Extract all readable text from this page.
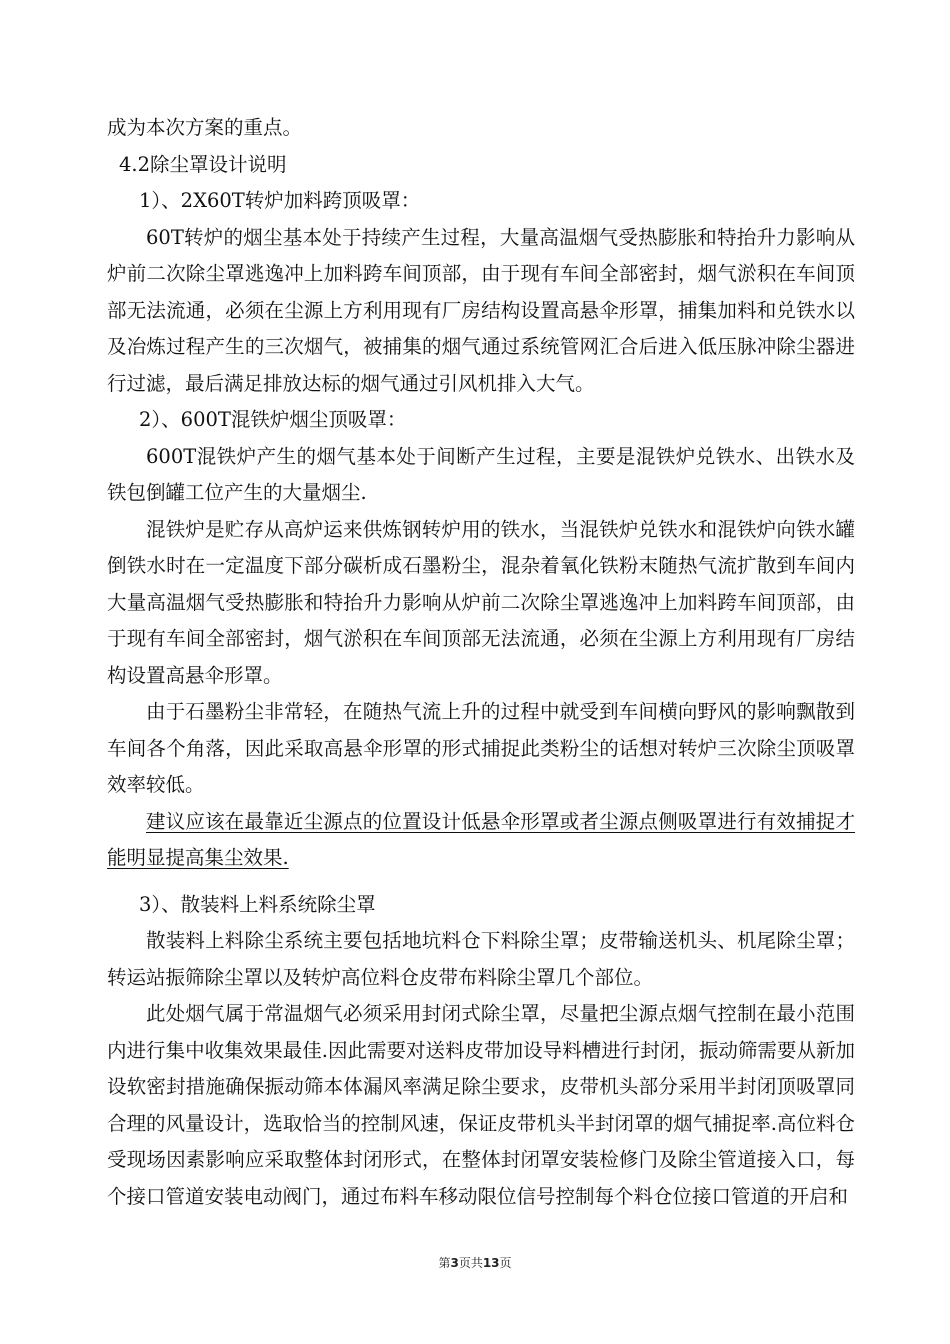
成为本次方案的重点。

4.2除尘罩设计说明

1）、2X60T转炉加料跨顶吸罩：

60T转炉的烟尘基本处于持续产生过程，大量高温烟气受热膨胀和特抬升力影响从炉前二次除尘罩逃逸冲上加料跨车间顶部，由于现有车间全部密封，烟气淤积在车间顶部无法流通，必须在尘源上方利用现有厂房结构设置高悬伞形罩，捕集加料和兑铁水以及冶炼过程产生的三次烟气，被捕集的烟气通过系统管网汇合后进入低压脉冲除尘器进行过滤，最后满足排放达标的烟气通过引风机排入大气。

2）、600T混铁炉烟尘顶吸罩：

600T混铁炉产生的烟气基本处于间断产生过程，主要是混铁炉兑铁水、出铁水及铁包倒罐工位产生的大量烟尘.

混铁炉是贮存从高炉运来供炼钢转炉用的铁水，当混铁炉兑铁水和混铁炉向铁水罐倒铁水时在一定温度下部分碳析成石墨粉尘，混杂着氧化铁粉末随热气流扩散到车间内大量高温烟气受热膨胀和特抬升力影响从炉前二次除尘罩逃逸冲上加料跨车间顶部，由于现有车间全部密封，烟气淤积在车间顶部无法流通，必须在尘源上方利用现有厂房结构设置高悬伞形罩。

由于石墨粉尘非常轻，在随热气流上升的过程中就受到车间横向野风的影响飘散到车间各个角落，因此采取高悬伞形罩的形式捕捉此类粉尘的话想对转炉三次除尘顶吸罩效率较低。

建议应该在最靠近尘源点的位置设计低悬伞形罩或者尘源点侧吸罩进行有效捕捉才能明显提高集尘效果.

3）、散装料上料系统除尘罩

散装料上料除尘系统主要包括地坑料仓下料除尘罩；皮带输送机头、机尾除尘罩；转运站振筛除尘罩以及转炉高位料仓皮带布料除尘罩几个部位。

此处烟气属于常温烟气必须采用封闭式除尘罩，尽量把尘源点烟气控制在最小范围内进行集中收集效果最佳.因此需要对送料皮带加设导料槽进行封闭，振动筛需要从新加设软密封措施确保振动筛本体漏风率满足除尘要求，皮带机头部分采用半封闭顶吸罩同合理的风量设计，选取恰当的控制风速，保证皮带机头半封闭罩的烟气捕捉率.高位料仓受现场因素影响应采取整体封闭形式，在整体封闭罩安装检修门及除尘管道接入口，每个接口管道安装电动阀门，通过布料车移动限位信号控制每个料仓位接口管道的开启和

第3页共13页
